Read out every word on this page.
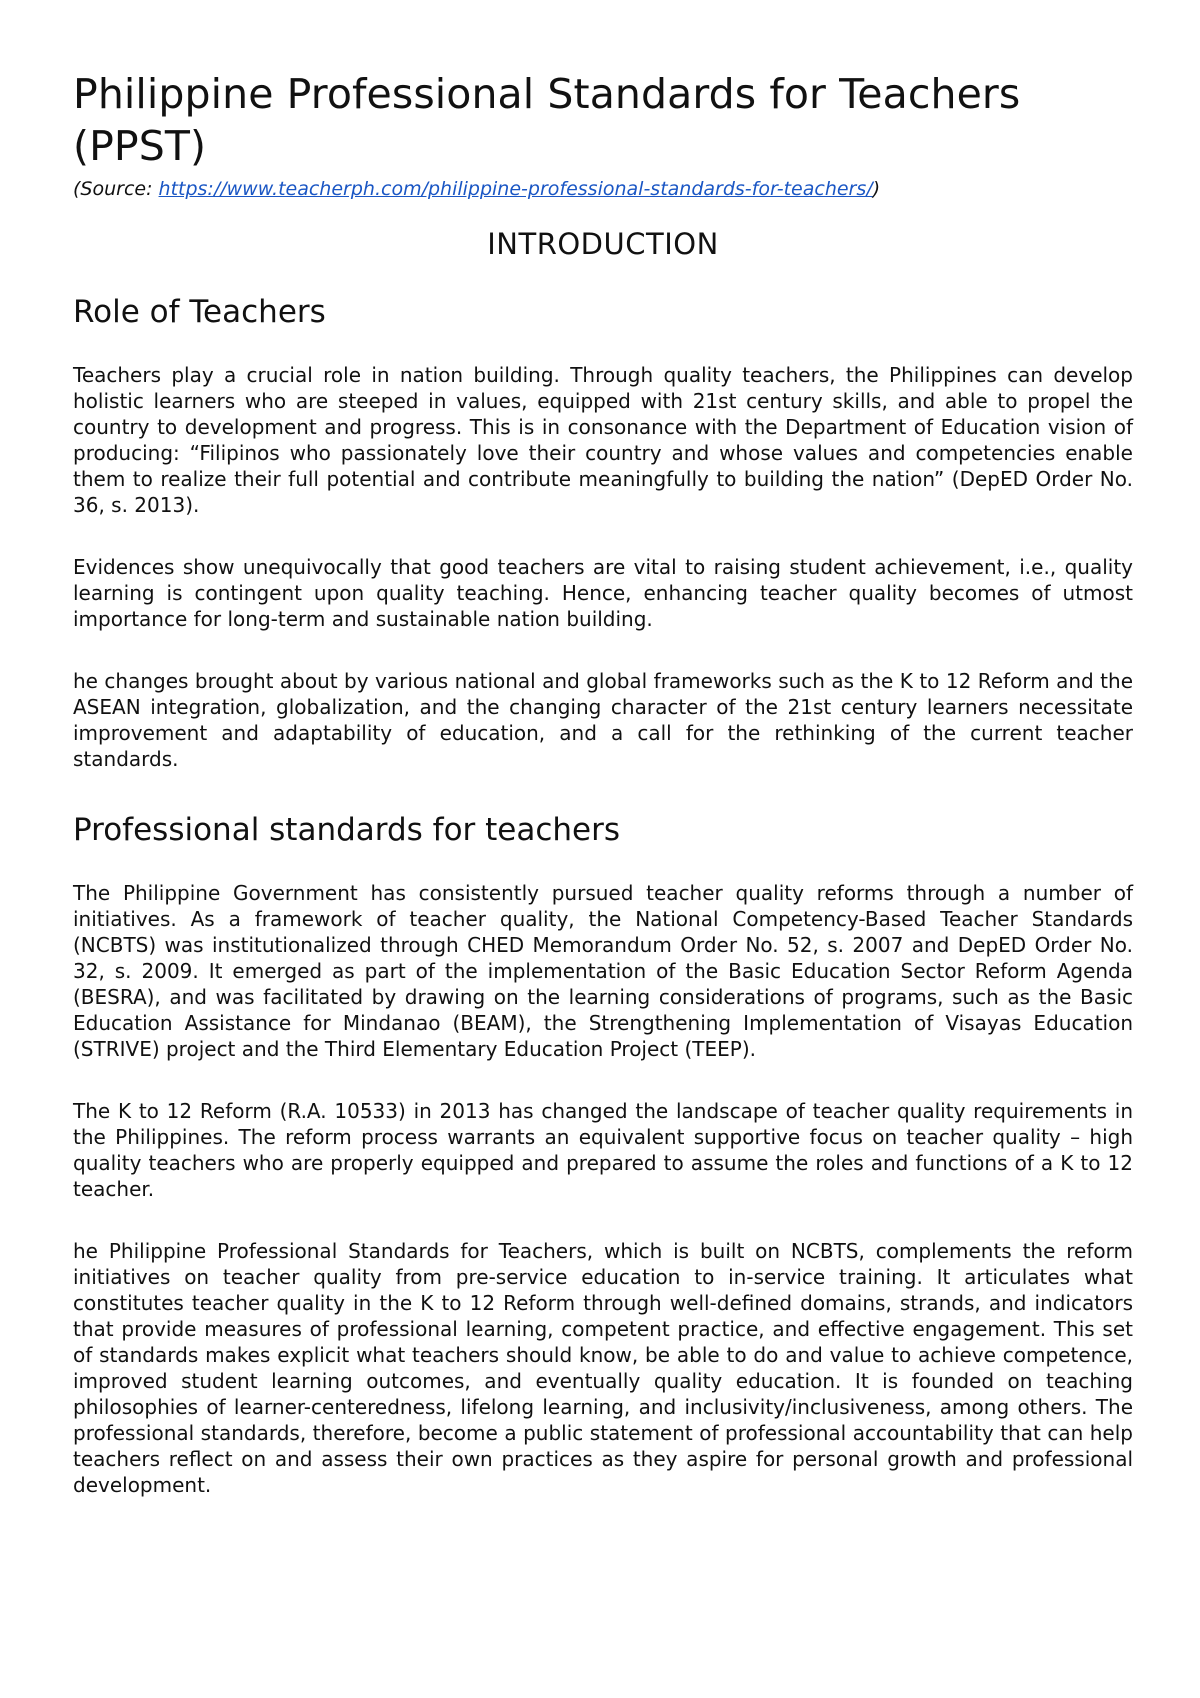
Philippine Professional Standards for Teachers (PPST)

(Source: https://www.teacherph.com/philippine-professional-standards-for-teachers/)

INTRODUCTION
Role of Teachers

Teachers play a crucial role in nation building. Through quality teachers, the Philippines can develop holistic learners who are steeped in values, equipped with 21st century skills, and able to propel the country to development and progress. This is in consonance with the Department of Education vision of producing: “Filipinos who passionately love their country and whose values and competencies enable them to realize their full potential and contribute meaningfully to building the nation” (DepED Order No. 36, s. 2013).

Evidences show unequivocally that good teachers are vital to raising student achievement, i.e., quality learning is contingent upon quality teaching. Hence, enhancing teacher quality becomes of utmost importance for long-term and sustainable nation building.

he changes brought about by various national and global frameworks such as the K to 12 Reform and the ASEAN integration, globalization, and the changing character of the 21st century learners necessitate improvement and adaptability of education, and a call for the rethinking of the current teacher standards.

Professional standards for teachers

The Philippine Government has consistently pursued teacher quality reforms through a number of initiatives. As a framework of teacher quality, the National Competency-Based Teacher Standards (NCBTS) was institutionalized through CHED Memorandum Order No. 52, s. 2007 and DepED Order No. 32, s. 2009. It emerged as part of the implementation of the Basic Education Sector Reform Agenda (BESRA), and was facilitated by drawing on the learning considerations of programs, such as the Basic Education Assistance for Mindanao (BEAM), the Strengthening Implementation of Visayas Education (STRIVE) project and the Third Elementary Education Project (TEEP).

The K to 12 Reform (R.A. 10533) in 2013 has changed the landscape of teacher quality requirements in the Philippines. The reform process warrants an equivalent supportive focus on teacher quality – high quality teachers who are properly equipped and prepared to assume the roles and functions of a K to 12 teacher.

he Philippine Professional Standards for Teachers, which is built on NCBTS, complements the reform initiatives on teacher quality from pre-service education to in-service training. It articulates what constitutes teacher quality in the K to 12 Reform through well-defined domains, strands, and indicators that provide measures of professional learning, competent practice, and effective engagement. This set of standards makes explicit what teachers should know, be able to do and value to achieve competence, improved student learning outcomes, and eventually quality education. It is founded on teaching philosophies of learner-centeredness, lifelong learning, and inclusivity/inclusiveness, among others. The professional standards, therefore, become a public statement of professional accountability that can help teachers reflect on and assess their own practices as they aspire for personal growth and professional development.
